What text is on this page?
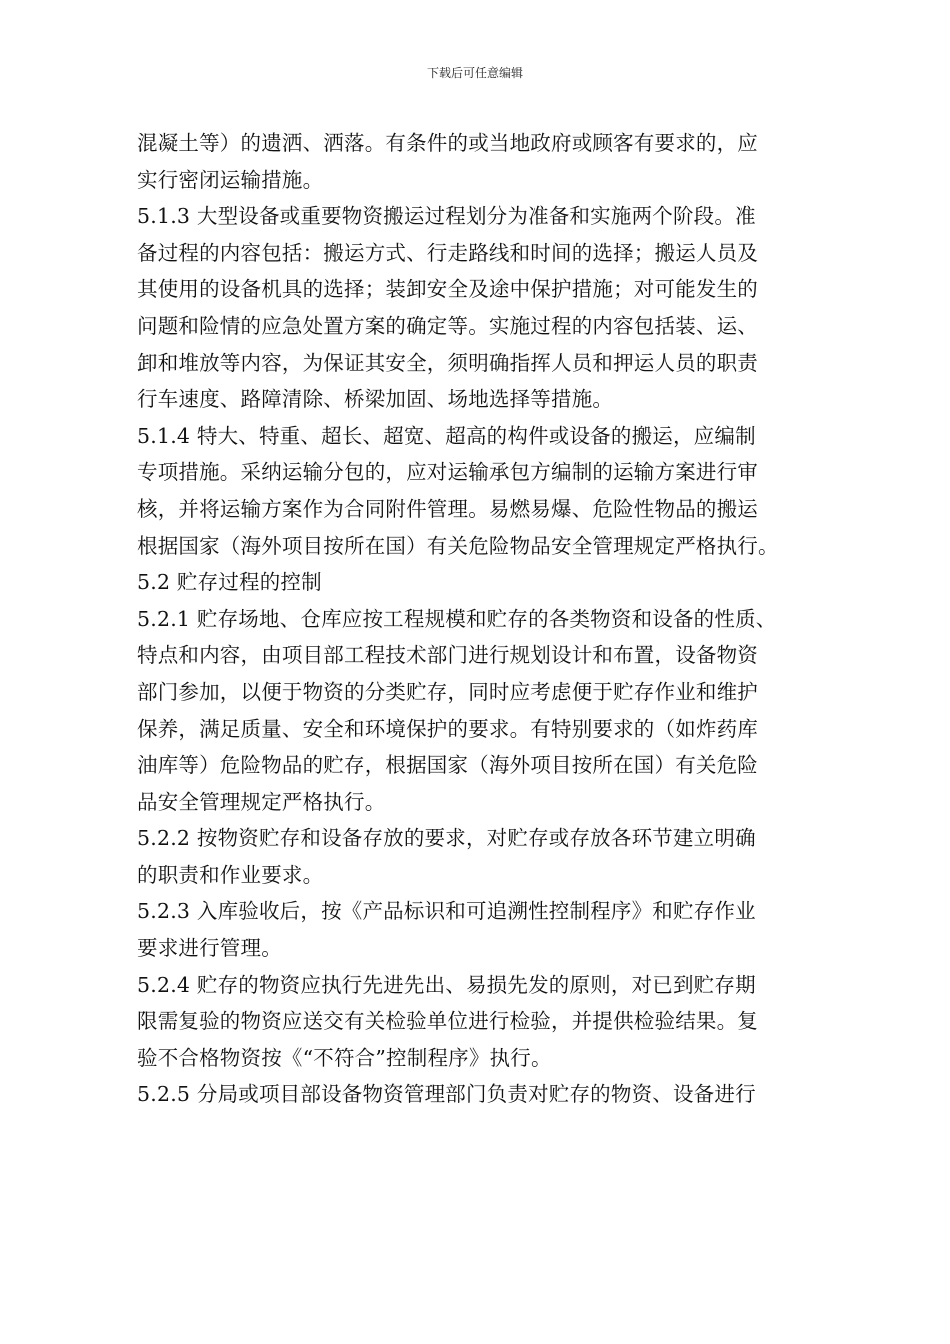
下载后可任意编辑
混凝土等）的遗洒、洒落。有条件的或当地政府或顾客有要求的，应
实行密闭运输措施。
5.1.3 大型设备或重要物资搬运过程划分为准备和实施两个阶段。准
备过程的内容包括：搬运方式、行走路线和时间的选择；搬运人员及
其使用的设备机具的选择；装卸安全及途中保护措施；对可能发生的
问题和险情的应急处置方案的确定等。实施过程的内容包括装、运、
卸和堆放等内容，为保证其安全，须明确指挥人员和押运人员的职责
行车速度、路障清除、桥梁加固、场地选择等措施。
5.1.4 特大、特重、超长、超宽、超高的构件或设备的搬运，应编制
专项措施。采纳运输分包的，应对运输承包方编制的运输方案进行审
核，并将运输方案作为合同附件管理。易燃易爆、危险性物品的搬运
根据国家（海外项目按所在国）有关危险物品安全管理规定严格执行。
5.2 贮存过程的控制
5.2.1 贮存场地、仓库应按工程规模和贮存的各类物资和设备的性质、
特点和内容，由项目部工程技术部门进行规划设计和布置，设备物资
部门参加，以便于物资的分类贮存，同时应考虑便于贮存作业和维护
保养，满足质量、安全和环境保护的要求。有特别要求的（如炸药库
油库等）危险物品的贮存，根据国家（海外项目按所在国）有关危险
品安全管理规定严格执行。
5.2.2 按物资贮存和设备存放的要求，对贮存或存放各环节建立明确
的职责和作业要求。
5.2.3 入库验收后，按《产品标识和可追溯性控制程序》和贮存作业
要求进行管理。
5.2.4 贮存的物资应执行先进先出、易损先发的原则，对已到贮存期
限需复验的物资应送交有关检验单位进行检验，并提供检验结果。复
验不合格物资按《“不符合”控制程序》执行。
5.2.5 分局或项目部设备物资管理部门负责对贮存的物资、设备进行
